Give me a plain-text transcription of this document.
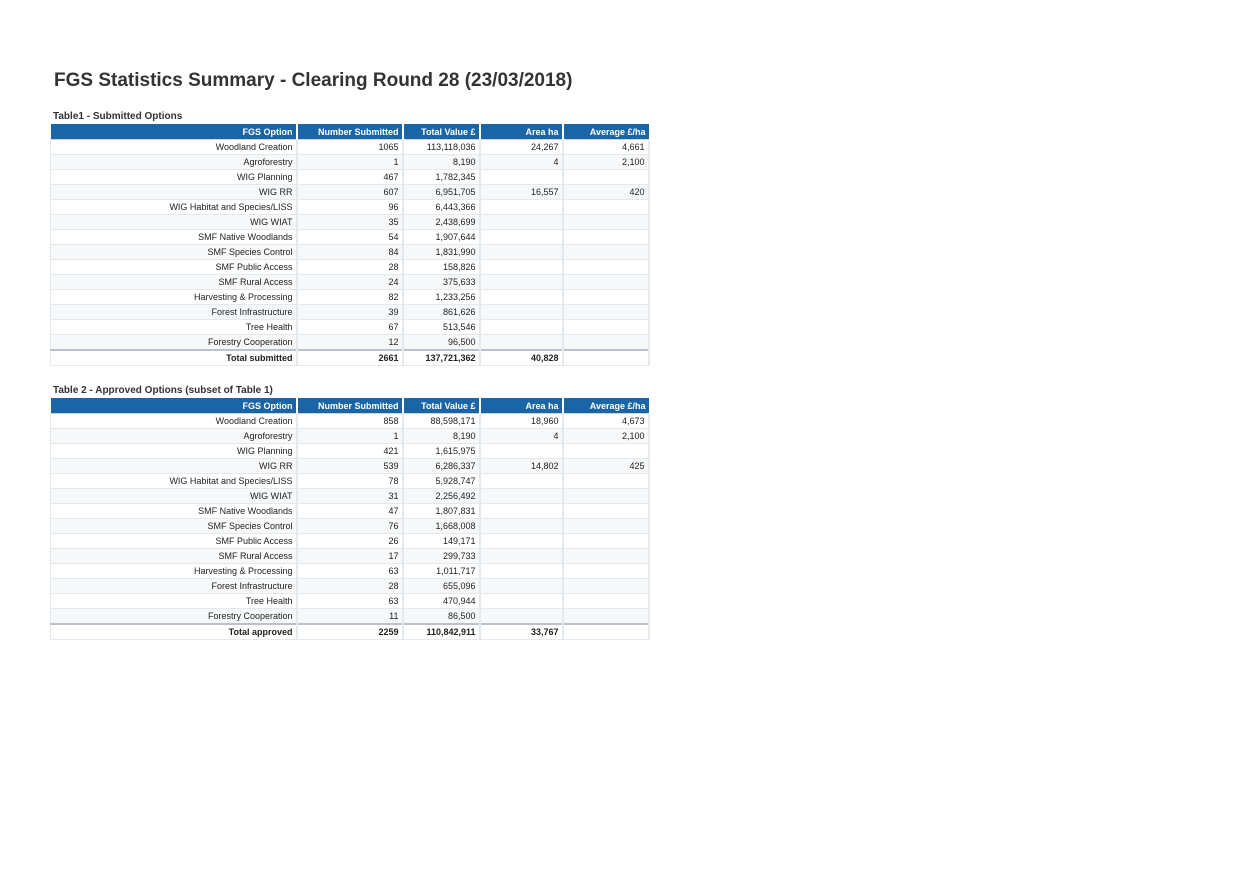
FGS Statistics Summary - Clearing Round 28 (23/03/2018)
Table1 - Submitted Options
FGS Option	Number Submitted	Total Value £	Area ha	Average £/ha
Woodland Creation	1065	113,118,036	24,267	4,661
Agroforestry	1	8,190	4	2,100
WIG Planning	467	1,782,345		
WIG RR	607	6,951,705	16,557	420
WIG Habitat and Species/LISS	96	6,443,366		
WIG WIAT	35	2,438,699		
SMF Native Woodlands	54	1,907,644		
SMF Species Control	84	1,831,990		
SMF Public Access	28	158,826		
SMF Rural Access	24	375,633		
Harvesting & Processing	82	1,233,256		
Forest Infrastructure	39	861,626		
Tree Health	67	513,546		
Forestry Cooperation	12	96,500		
Total submitted	2661	137,721,362	40,828	
Table 2 - Approved Options (subset of Table 1)
FGS Option	Number Submitted	Total Value £	Area ha	Average £/ha
Woodland Creation	858	88,598,171	18,960	4,673
Agroforestry	1	8,190	4	2,100
WIG Planning	421	1,615,975		
WIG RR	539	6,286,337	14,802	425
WIG Habitat and Species/LISS	78	5,928,747		
WIG WIAT	31	2,256,492		
SMF Native Woodlands	47	1,807,831		
SMF Species Control	76	1,668,008		
SMF Public Access	26	149,171		
SMF Rural Access	17	299,733		
Harvesting & Processing	63	1,011,717		
Forest Infrastructure	28	655,096		
Tree Health	63	470,944		
Forestry Cooperation	11	86,500		
Total approved	2259	110,842,911	33,767	
